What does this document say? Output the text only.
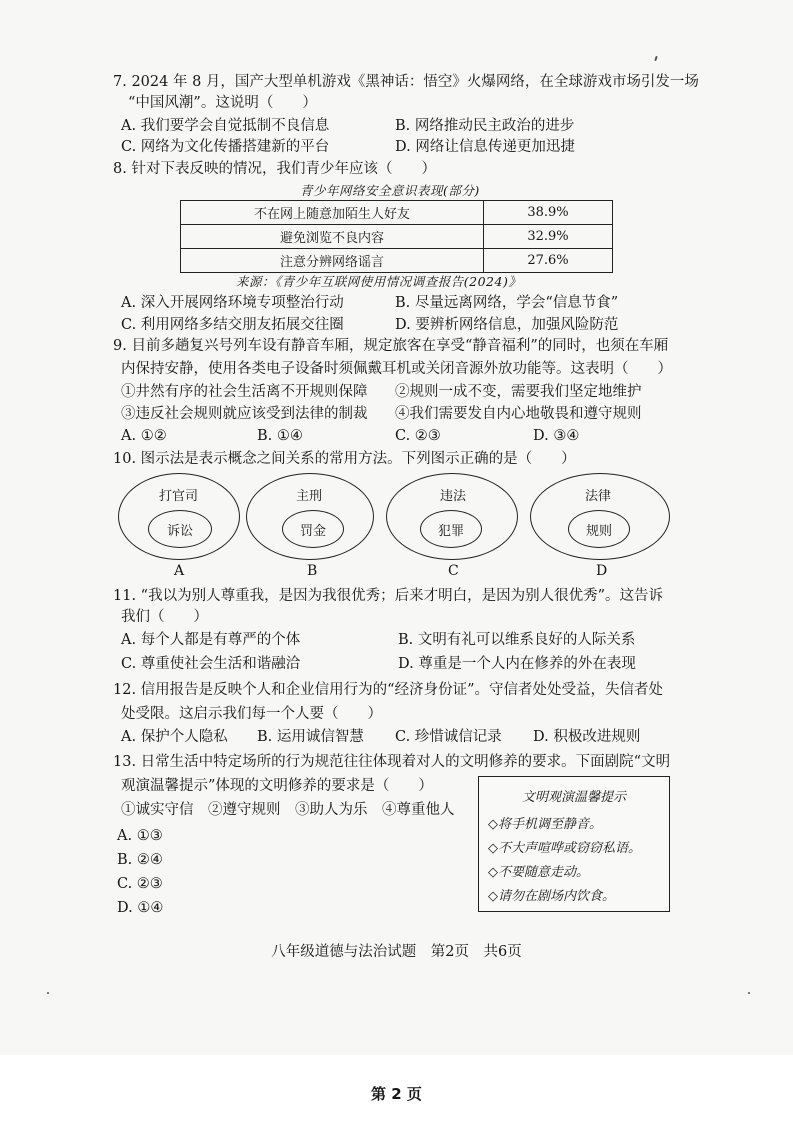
7. 2024 年 8 月，国产大型单机游戏《黑神话：悟空》火爆网络，在全球游戏市场引发一场
“中国风潮”。这说明（　　）
A. 我们要学会自觉抵制不良信息	B. 网络推动民主政治的进步
C. 网络为文化传播搭建新的平台	D. 网络让信息传递更加迅捷
8. 针对下表反映的情况，我们青少年应该（　　）
青少年网络安全意识表现(部分)
不在网上随意加陌生人好友	38.9%
避免浏览不良内容	32.9%
注意分辨网络谣言	27.6%
来源：《青少年互联网使用情况调查报告(2024)》
A. 深入开展网络环境专项整治行动	B. 尽量远离网络，学会“信息节食”
C. 利用网络多结交朋友拓展交往圈	D. 要辨析网络信息，加强风险防范
9. 目前多趟复兴号列车设有静音车厢，规定旅客在享受“静音福利”的同时，也须在车厢
内保持安静，使用各类电子设备时须佩戴耳机或关闭音源外放功能等。这表明（　　）
①井然有序的社会生活离不开规则保障 ②规则一成不变，需要我们坚定地维护
③违反社会规则就应该受到法律的制裁 ④我们需要发自内心地敬畏和遵守规则
A. ①②	B. ①④	C. ②③	D. ③④
10. 图示法是表示概念之间关系的常用方法。下列图示正确的是（　　）
打官司
诉讼
A
主刑
罚金
B
违法
犯罪
C
法律
规则
D
11. “我以为别人尊重我，是因为我很优秀；后来才明白，是因为别人很优秀”。这告诉
我们（　　）
A. 每个人都是有尊严的个体	B. 文明有礼可以维系良好的人际关系
C. 尊重使社会生活和谐融洽	D. 尊重是一个人内在修养的外在表现
12. 信用报告是反映个人和企业信用行为的“经济身份证”。守信者处处受益，失信者处
处受限。这启示我们每一个人要（　　）
A. 保护个人隐私 B. 运用诚信智慧 C. 珍惜诚信记录 D. 积极改进规则
13. 日常生活中特定场所的行为规范往往体现着对人的文明修养的要求。下面剧院“文明
观演温馨提示”体现的文明修养的要求是（　　）
①诚实守信　②遵守规则　③助人为乐　④尊重他人
A. ①③
B. ②④
C. ②③
D. ①④
文明观演温馨提示
◇将手机调至静音。
◇不大声喧哗或窃窃私语。
◇不要随意走动。
◇请勿在剧场内饮食。
八年级道德与法治试题　第2页　共6页
第 2 页
